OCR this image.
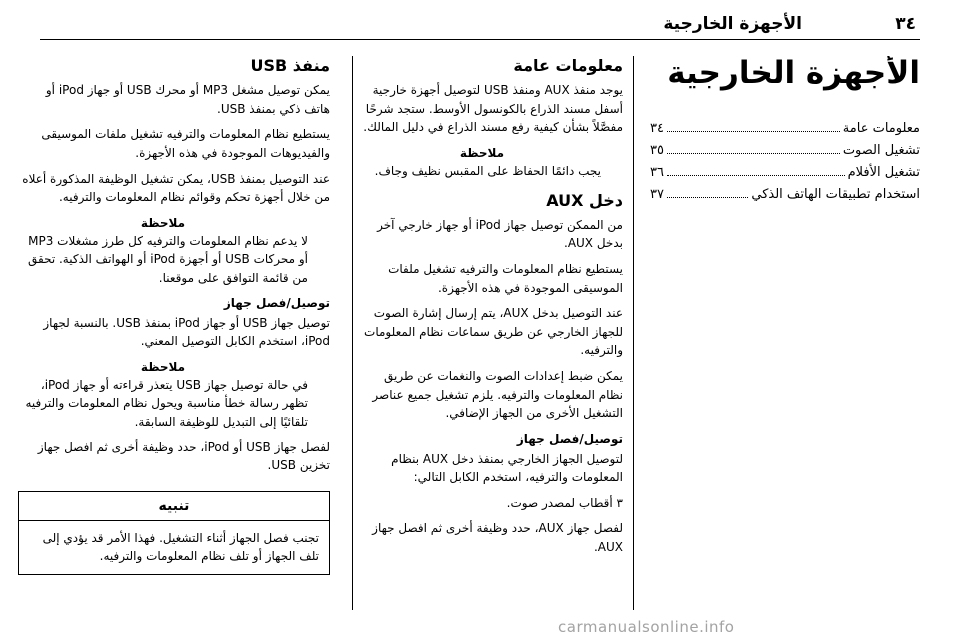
٣٤
الأجهزة الخارجية
الأجهزة الخارجية
معلومات عامة
٣٤
تشغيل الصوت
٣٥
تشغيل الأفلام
٣٦
استخدام تطبيقات الهاتف الذكي
٣٧
معلومات عامة

يوجد منفذ AUX ومنفذ USB لتوصيل أجهزة خارجية أسفل مسند الذراع بالكونسول الأوسط. ستجد شرحًا مفصَّلاً بشأن كيفية رفع مسند الذراع في دليل المالك.

ملاحظة
يجب دائمًا الحفاظ على المقبس نظيف وجاف.
دخل AUX

من الممكن توصيل جهاز iPod أو جهاز خارجي آخر بدخل AUX.

يستطيع نظام المعلومات والترفيه تشغيل ملفات الموسيقى الموجودة في هذه الأجهزة.

عند التوصيل بدخل AUX، يتم إرسال إشارة الصوت للجهاز الخارجي عن طريق سماعات نظام المعلومات والترفيه.

يمكن ضبط إعدادات الصوت والنغمات عن طريق نظام المعلومات والترفيه. يلزم تشغيل جميع عناصر التشغيل الأخرى من الجهاز الإضافي.

توصيل/فصل جهاز

لتوصيل الجهاز الخارجي بمنفذ دخل AUX بنظام المعلومات والترفيه، استخدم الكابل التالي:

٣ أقطاب لمصدر صوت.

لفصل جهاز AUX، حدد وظيفة أخرى ثم افصل جهاز AUX.

منفذ USB

يمكن توصيل مشغل MP3 أو محرك USB أو جهاز iPod أو هاتف ذكي بمنفذ USB.

يستطيع نظام المعلومات والترفيه تشغيل ملفات الموسيقى والفيديوهات الموجودة في هذه الأجهزة.

عند التوصيل بمنفذ USB، يمكن تشغيل الوظيفة المذكورة أعلاه من خلال أجهزة تحكم وقوائم نظام المعلومات والترفيه.

ملاحظة
لا يدعم نظام المعلومات والترفيه كل طرز مشغلات MP3 أو محركات USB أو أجهزة iPod أو الهواتف الذكية. تحقق من قائمة التوافق على موقعنا.
توصيل/فصل جهاز

توصيل جهاز USB أو جهاز iPod بمنفذ USB. بالنسبة لجهاز iPod، استخدم الكابل التوصيل المعني.

ملاحظة
في حالة توصيل جهاز USB يتعذر قراءته أو جهاز iPod، تظهر رسالة خطأ مناسبة ويحول نظام المعلومات والترفيه تلقائيًا إلى التبديل للوظيفة السابقة.

لفصل جهاز USB أو iPod، حدد وظيفة أخرى ثم افصل جهاز تخزين USB.

تنبيه
تجنب فصل الجهاز أثناء التشغيل. فهذا الأمر قد يؤدي إلى تلف الجهاز أو تلف نظام المعلومات والترفيه.
carmanualsonline.info
